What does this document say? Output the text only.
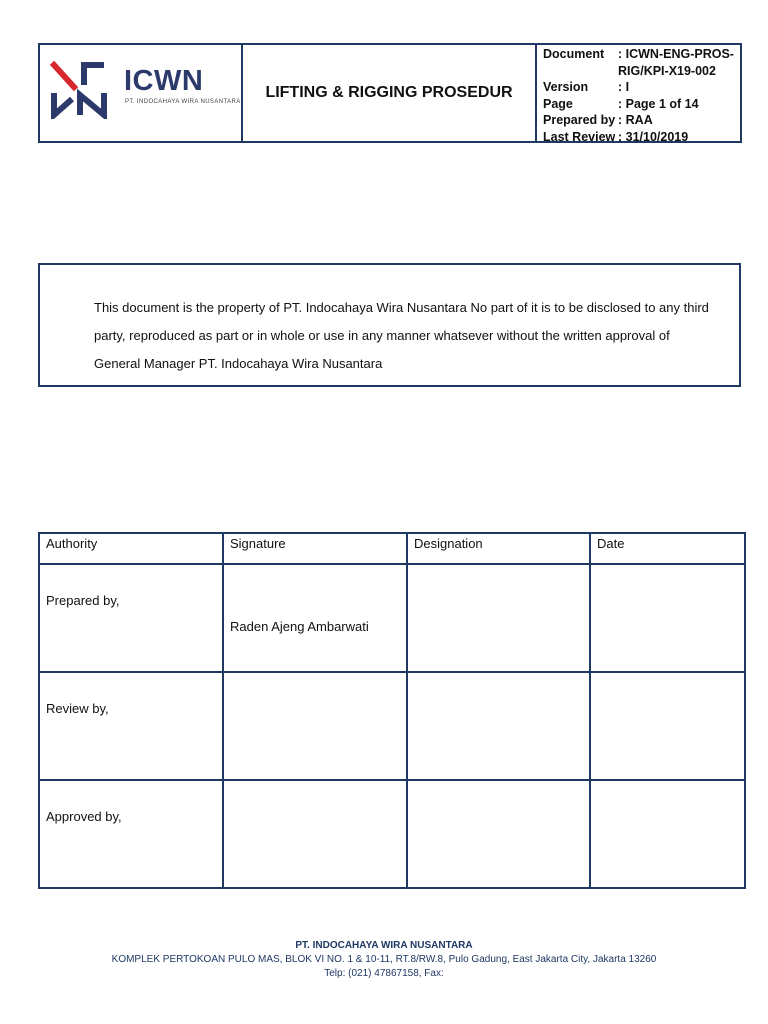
ICWN
PT. INDOCAHAYA WIRA NUSANTARA
LIFTING & RIGGING PROSEDUR
Document	: ICWN-ENG-PROS-RIG/KPI-X19-002
Version	: I
Page	: Page 1 of 14
Prepared by : RAA
Last Review : 31/10/2019
This document is the property of PT. Indocahaya Wira Nusantara No part of it is to be disclosed to any third party, reproduced as part or in whole or use in any manner whatsever without the written approval of General Manager PT. Indocahaya Wira Nusantara
Authority	Signature	Designation	Date
Prepared by,	Raden Ajeng Ambarwati		

Review by,			
Approved by,			
PT. INDOCAHAYA WIRA NUSANTARA
KOMPLEK PERTOKOAN PULO MAS, BLOK VI NO. 1 & 10-11, RT.8/RW.8, Pulo Gadung, East Jakarta City, Jakarta 13260
Telp: (021) 47867158, Fax:
